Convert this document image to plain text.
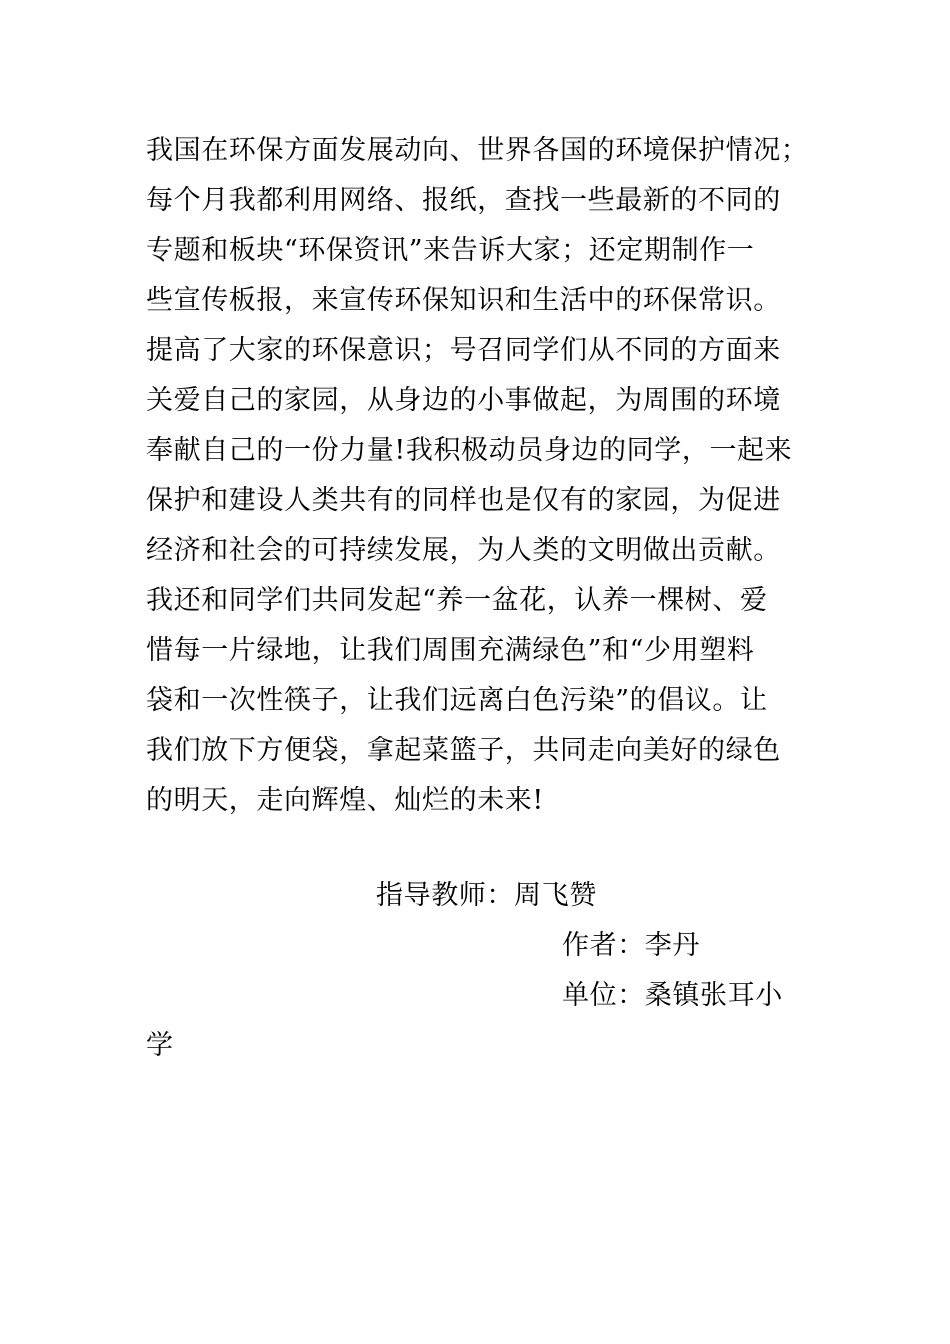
我国在环保方面发展动向、世界各国的环境保护情况；
每个月我都利用网络、报纸，查找一些最新的不同的
专题和板块“环保资讯”来告诉大家；还定期制作一
些宣传板报，来宣传环保知识和生活中的环保常识。
提高了大家的环保意识；号召同学们从不同的方面来
关爱自己的家园，从身边的小事做起，为周围的环境
奉献自己的一份力量!我积极动员身边的同学，一起来
保护和建设人类共有的同样也是仅有的家园，为促进
经济和社会的可持续发展，为人类的文明做出贡献。
我还和同学们共同发起“养一盆花，认养一棵树、爱
惜每一片绿地，让我们周围充满绿色”和“少用塑料
袋和一次性筷子，让我们远离白色污染”的倡议。让
我们放下方便袋，拿起菜篮子，共同走向美好的绿色
的明天，走向辉煌、灿烂的未来!
指导教师：周飞赞
作者：李丹
单位：桑镇张耳小
学
